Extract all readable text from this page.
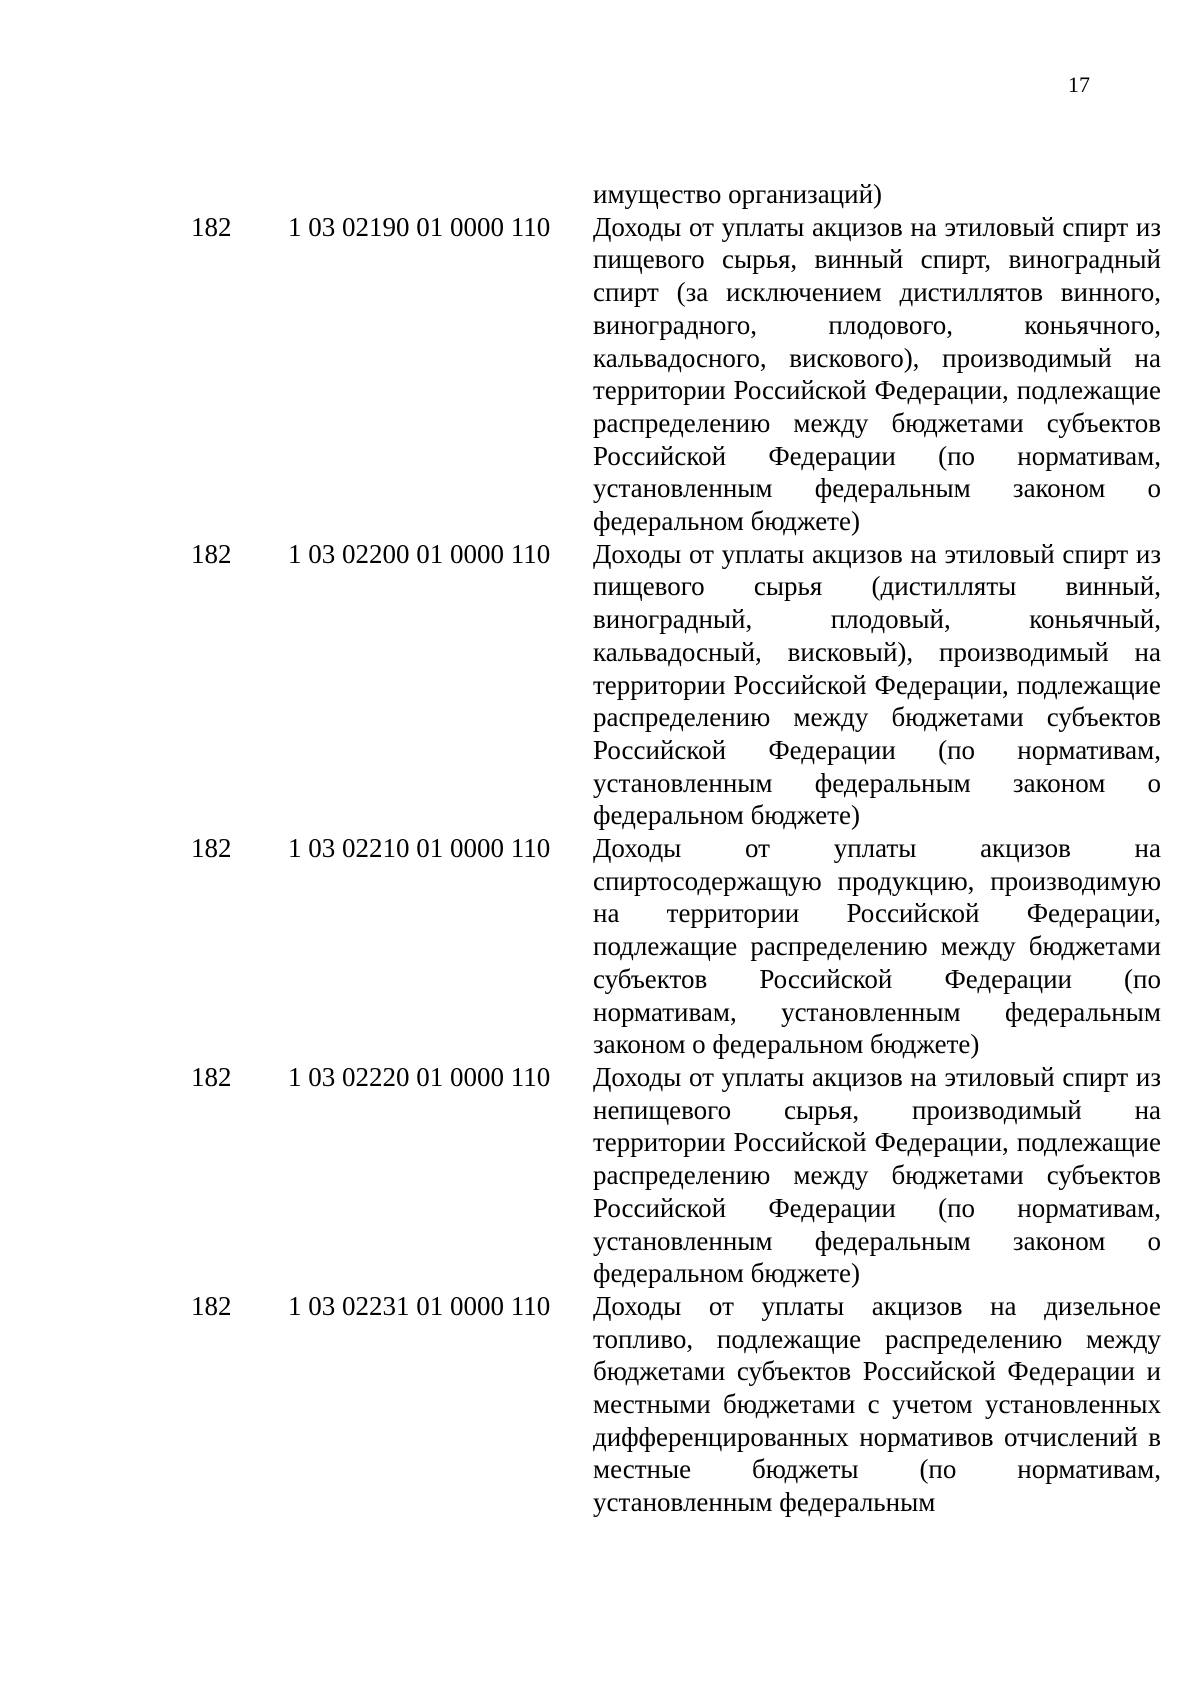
17
имущество организаций)
182 1 03 02190 01 0000 110 Доходы от уплаты акцизов на этиловый спирт из пищевого сырья, винный спирт, виноградный спирт (за исключением дистиллятов винного, виноградного, плодового, коньячного, кальвадосного, вискового), производимый на территории Российской Федерации, подлежащие распределению между бюджетами субъектов Российской Федерации (по нормативам, установленным федеральным законом о федеральном бюджете)
182 1 03 02200 01 0000 110 Доходы от уплаты акцизов на этиловый спирт из пищевого сырья (дистилляты винный, виноградный, плодовый, коньячный, кальвадосный, висковый), производимый на территории Российской Федерации, подлежащие распределению между бюджетами субъектов Российской Федерации (по нормативам, установленным федеральным законом о федеральном бюджете)
182 1 03 02210 01 0000 110 Доходы от уплаты акцизов на спиртосодержащую продукцию, производимую на территории Российской Федерации, подлежащие распределению между бюджетами субъектов Российской Федерации (по нормативам, установленным федеральным законом о федеральном бюджете)
182 1 03 02220 01 0000 110 Доходы от уплаты акцизов на этиловый спирт из непищевого сырья, производимый на территории Российской Федерации, подлежащие распределению между бюджетами субъектов Российской Федерации (по нормативам, установленным федеральным законом о федеральном бюджете)
182 1 03 02231 01 0000 110 Доходы от уплаты акцизов на дизельное топливо, подлежащие распределению между бюджетами субъектов Российской Федерации и местными бюджетами с учетом установленных дифференцированных нормативов отчислений в местные бюджеты (по нормативам, установленным федеральным
